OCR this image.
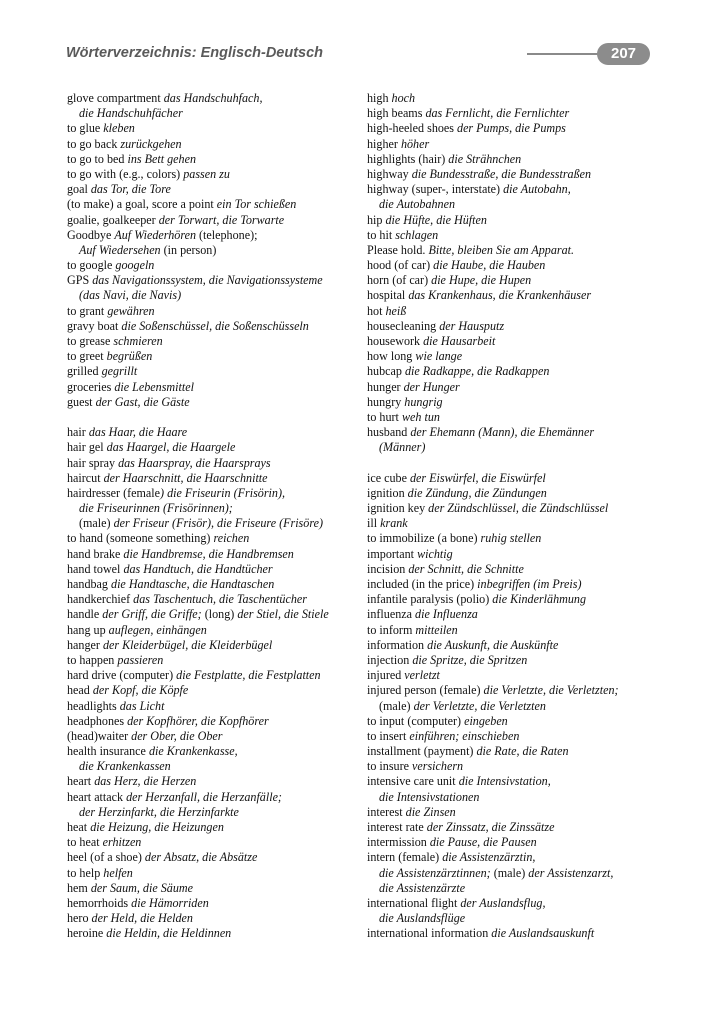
Wörterverzeichnis: Englisch-Deutsch	207
glove compartment das Handschuhfach,
die Handschuhfächer
to glue kleben
to go back zurückgehen
to go to bed ins Bett gehen
to go with (e.g., colors) passen zu
goal das Tor, die Tore
(to make) a goal, score a point ein Tor schießen
goalie, goalkeeper der Torwart, die Torwarte
Goodbye Auf Wiederhören (telephone);
Auf Wiedersehen (in person)
to google googeln
GPS das Navigationssystem, die Navigationssysteme
(das Navi, die Navis)
to grant gewähren
gravy boat die Soßenschüssel, die Soßenschüsseln
to grease schmieren
to greet begrüßen
grilled gegrillt
groceries die Lebensmittel
guest der Gast, die Gäste
hair das Haar, die Haare
hair gel das Haargel, die Haargele
hair spray das Haarspray, die Haarsprays
haircut der Haarschnitt, die Haarschnitte
hairdresser (female) die Friseurin (Frisörin),
die Friseurinnen (Frisörinnen);
(male) der Friseur (Frisör), die Friseure (Frisöre)
to hand (someone something) reichen
hand brake die Handbremse, die Handbremsen
hand towel das Handtuch, die Handtücher
handbag die Handtasche, die Handtaschen
handkerchief das Taschentuch, die Taschentücher
handle der Griff, die Griffe; (long) der Stiel, die Stiele
hang up auflegen, einhängen
hanger der Kleiderbügel, die Kleiderbügel
to happen passieren
hard drive (computer) die Festplatte, die Festplatten
head der Kopf, die Köpfe
headlights das Licht
headphones der Kopfhörer, die Kopfhörer
(head)waiter der Ober, die Ober
health insurance die Krankenkasse,
die Krankenkassen
heart das Herz, die Herzen
heart attack der Herzanfall, die Herzanfälle;
der Herzinfarkt, die Herzinfarkte
heat die Heizung, die Heizungen
to heat erhitzen
heel (of a shoe) der Absatz, die Absätze
to help helfen
hem der Saum, die Säume
hemorrhoids die Hämorriden
hero der Held, die Helden
heroine die Heldin, die Heldinnen
high hoch
high beams das Fernlicht, die Fernlichter
high-heeled shoes der Pumps, die Pumps
higher höher
highlights (hair) die Strähnchen
highway die Bundesstraße, die Bundesstraßen
highway (super-, interstate) die Autobahn,
die Autobahnen
hip die Hüfte, die Hüften
to hit schlagen
Please hold. Bitte, bleiben Sie am Apparat.
hood (of car) die Haube, die Hauben
horn (of car) die Hupe, die Hupen
hospital das Krankenhaus, die Krankenhäuser
hot heiß
housecleaning der Hausputz
housework die Hausarbeit
how long wie lange
hubcap die Radkappe, die Radkappen
hunger der Hunger
hungry hungrig
to hurt weh tun
husband der Ehemann (Mann), die Ehemänner
(Männer)
ice cube der Eiswürfel, die Eiswürfel
ignition die Zündung, die Zündungen
ignition key der Zündschlüssel, die Zündschlüssel
ill krank
to immobilize (a bone) ruhig stellen
important wichtig
incision der Schnitt, die Schnitte
included (in the price) inbegriffen (im Preis)
infantile paralysis (polio) die Kinderlähmung
influenza die Influenza
to inform mitteilen
information die Auskunft, die Auskünfte
injection die Spritze, die Spritzen
injured verletzt
injured person (female) die Verletzte, die Verletzten;
(male) der Verletzte, die Verletzten
to input (computer) eingeben
to insert einführen; einschieben
installment (payment) die Rate, die Raten
to insure versichern
intensive care unit die Intensivstation,
die Intensivstationen
interest die Zinsen
interest rate der Zinssatz, die Zinssätze
intermission die Pause, die Pausen
intern (female) die Assistenzärztin,
die Assistenzärztinnen; (male) der Assistenzarzt,
die Assistenzärzte
international flight der Auslandsflug,
die Auslandsflüge
international information die Auslandsauskunft
